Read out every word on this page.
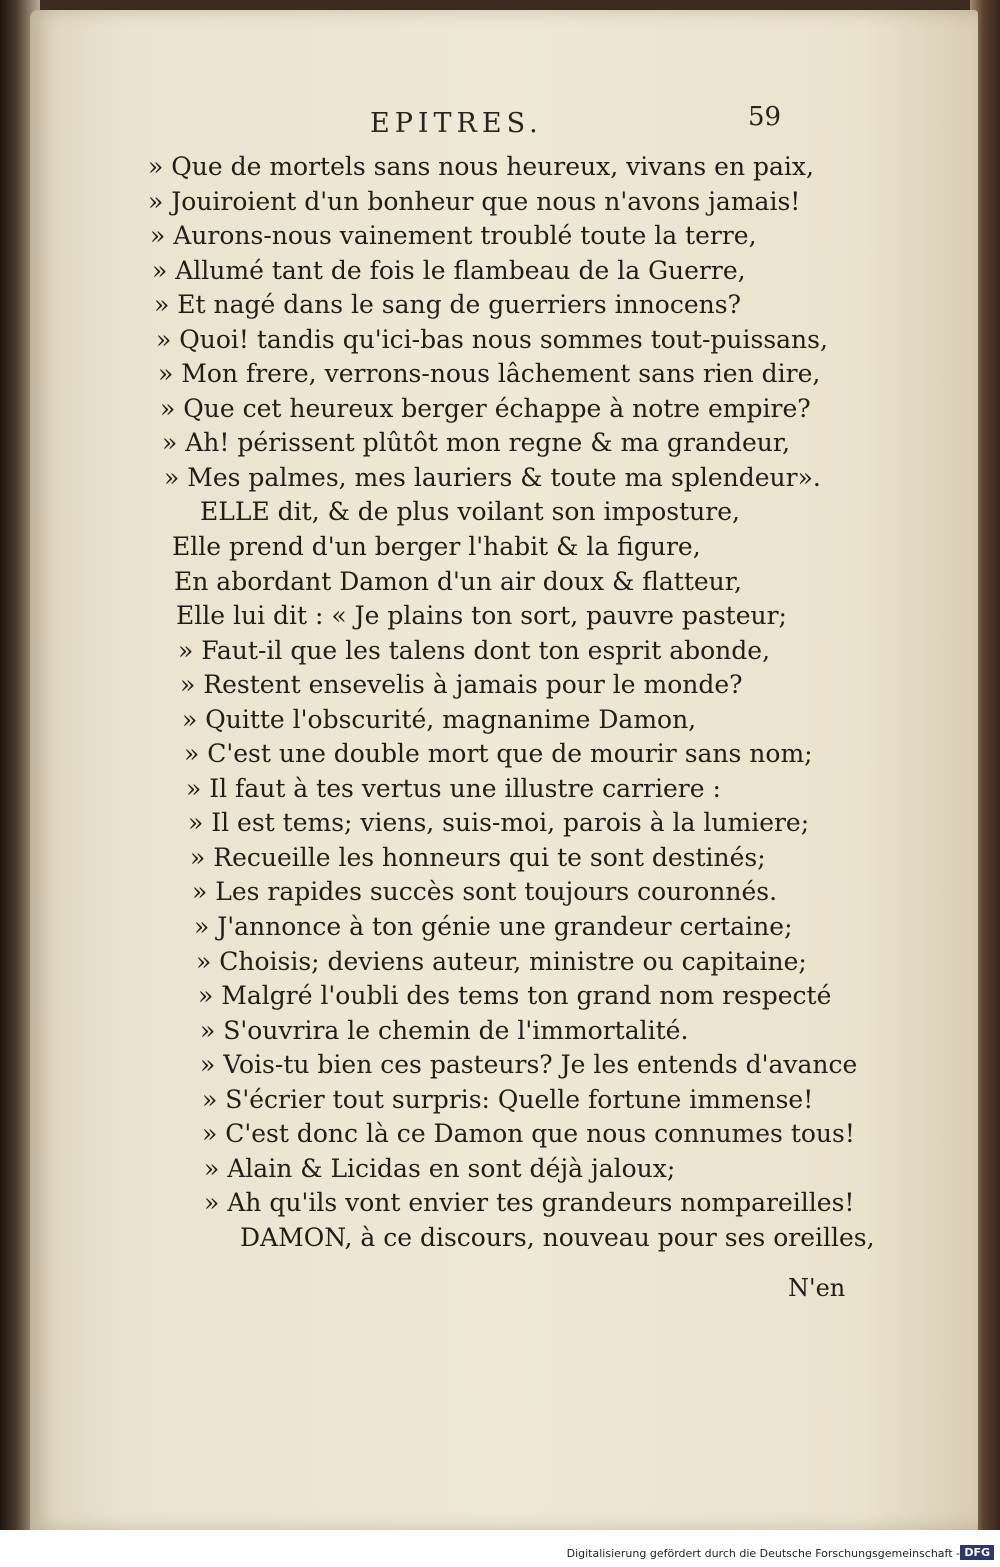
EPITRES.	59
» Que de mortels sans nous heureux, vivans en paix,
» Jouiroient d'un bonheur que nous n'avons jamais!
» Aurons-nous vainement troublé toute la terre,
» Allumé tant de fois le flambeau de la Guerre,
» Et nagé dans le sang de guerriers innocens?
» Quoi! tandis qu'ici-bas nous sommes tout-puissans,
» Mon frere, verrons-nous lâchement sans rien dire,
» Que cet heureux berger échappe à notre empire?
» Ah! périssent plûtôt mon regne & ma grandeur,
» Mes palmes, mes lauriers & toute ma splendeur».
ELLE dit, & de plus voilant son imposture,
Elle prend d'un berger l'habit & la figure,
En abordant Damon d'un air doux & flatteur,
Elle lui dit : « Je plains ton sort, pauvre pasteur;
» Faut-il que les talens dont ton esprit abonde,
» Restent ensevelis à jamais pour le monde?
» Quitte l'obscurité, magnanime Damon,
» C'est une double mort que de mourir sans nom;
» Il faut à tes vertus une illustre carriere :
» Il est tems; viens, suis-moi, parois à la lumiere;
» Recueille les honneurs qui te sont destinés;
» Les rapides succès sont toujours couronnés.
» J'annonce à ton génie une grandeur certaine;
» Choisis; deviens auteur, ministre ou capitaine;
» Malgré l'oubli des tems ton grand nom respecté
» S'ouvrira le chemin de l'immortalité.
» Vois-tu bien ces pasteurs? Je les entends d'avance
» S'écrier tout surpris: Quelle fortune immense!
» C'est donc là ce Damon que nous connumes tous!
» Alain & Licidas en sont déjà jaloux;
» Ah qu'ils vont envier tes grandeurs nompareilles!
DAMON, à ce discours, nouveau pour ses oreilles,
N'en
Digitalisierung gefördert durch die Deutsche Forschungsgemeinschaft - DFG
